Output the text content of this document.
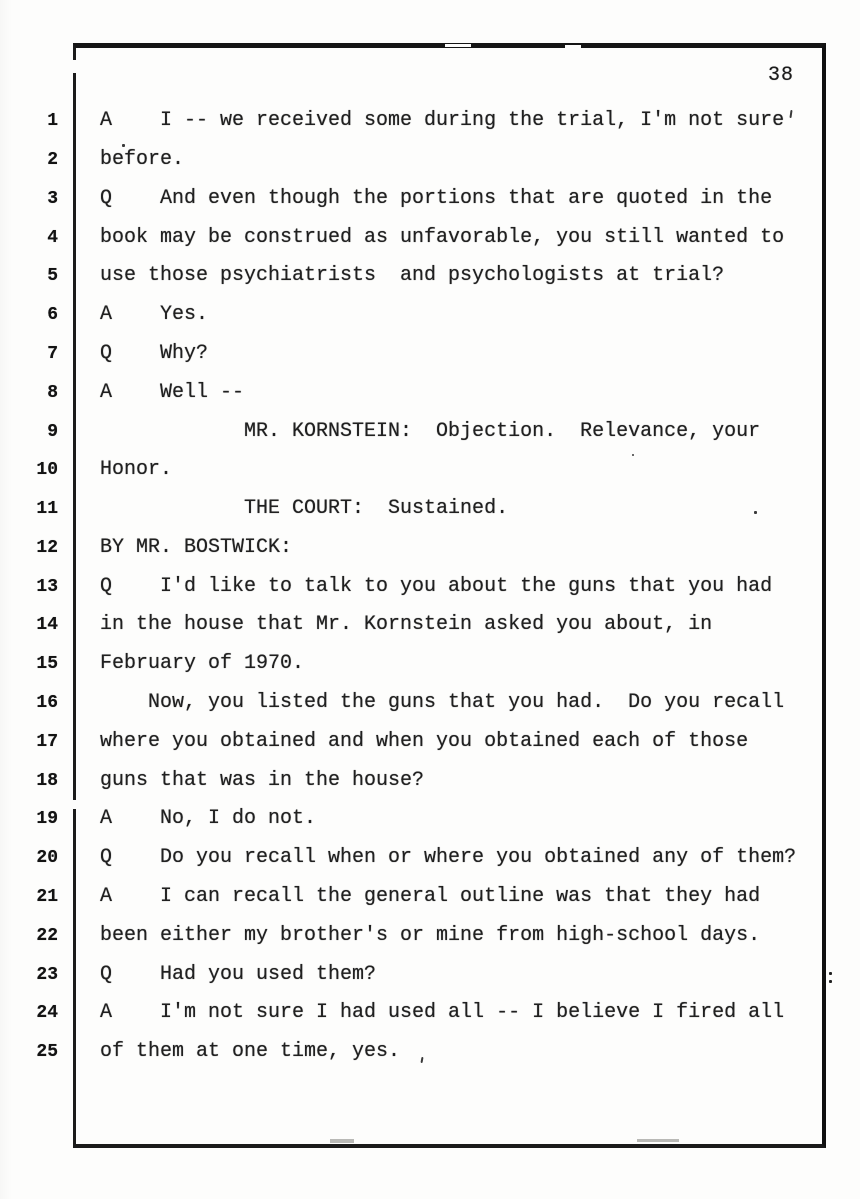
38
1 A    I -- we received some during the trial, I'm not sure
2 before.
3 Q    And even though the portions that are quoted in the
4 book may be construed as unfavorable, you still wanted to
5 use those psychiatrists  and psychologists at trial?
6 A    Yes.
7 Q    Why?
8 A    Well --
9 MR. KORNSTEIN:  Objection.  Relevance, your
10 Honor.
11 THE COURT:  Sustained.
12 BY MR. BOSTWICK:
13 Q    I'd like to talk to you about the guns that you had
14 in the house that Mr. Kornstein asked you about, in
15 February of 1970.
16 Now, you listed the guns that you had.  Do you recall
17 where you obtained and when you obtained each of those
18 guns that was in the house?
19 A    No, I do not.
20 Q    Do you recall when or where you obtained any of them?
21 A    I can recall the general outline was that they had
22 been either my brother's or mine from high-school days.
23 Q    Had you used them?
24 A    I'm not sure I had used all -- I believe I fired all
25 of them at one time, yes.
